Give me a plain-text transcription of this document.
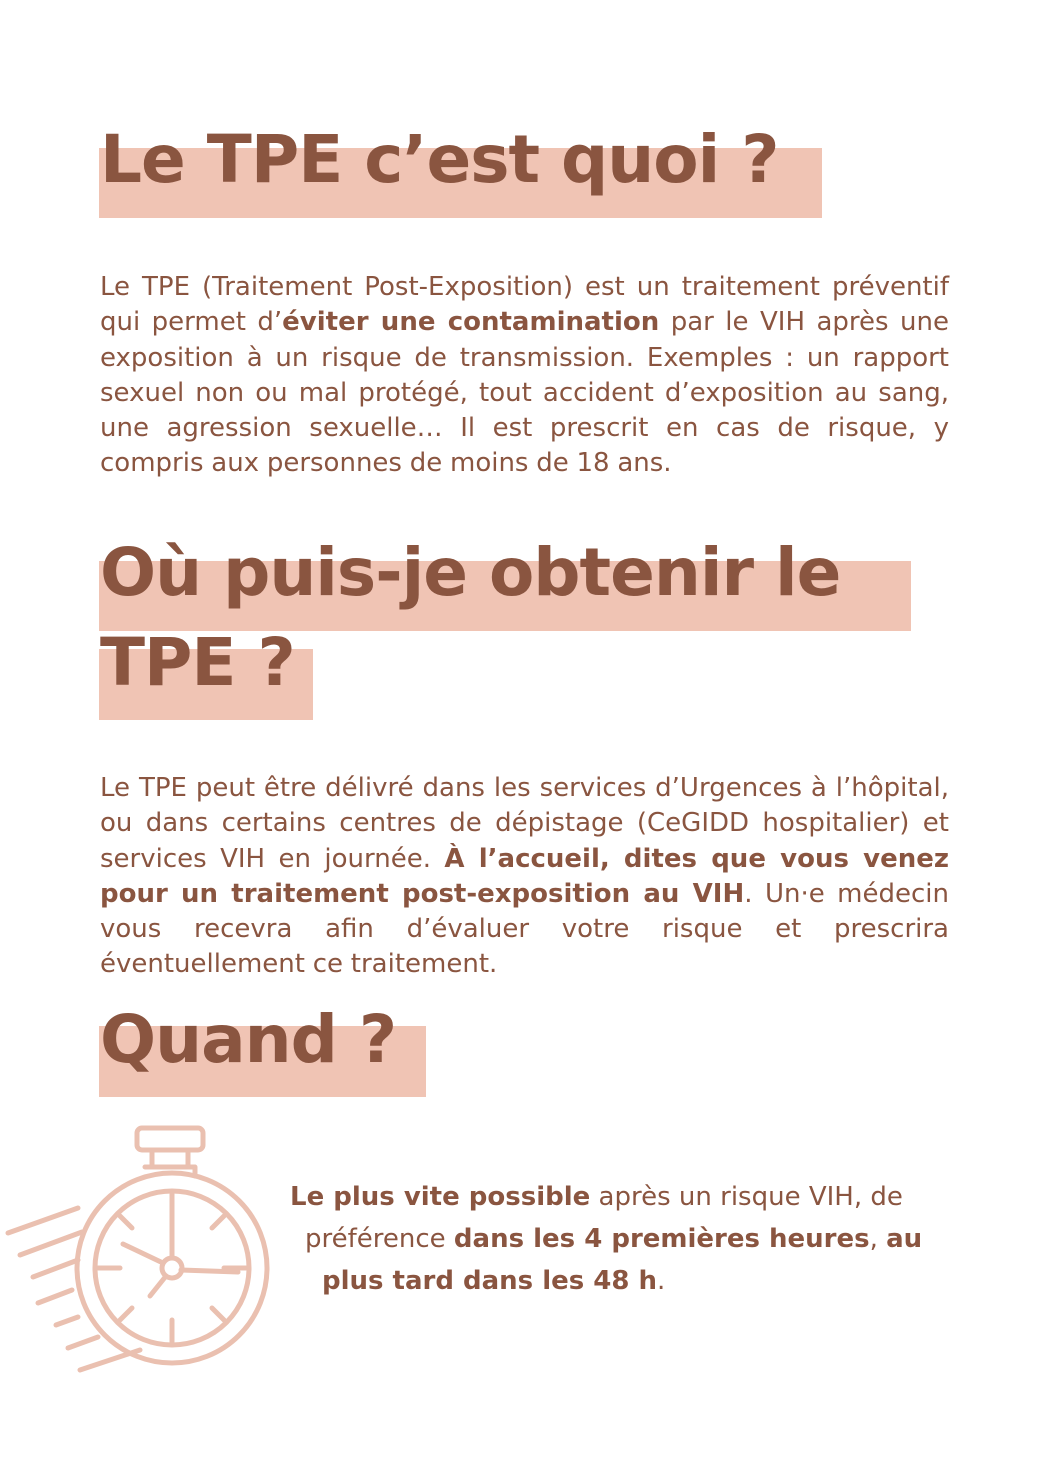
Le TPE c’est quoi ?

Le TPE (Traitement Post-Exposition) est un traitement préventif qui permet d’éviter une contamination par le VIH après une exposition à un risque de transmission. Exemples : un rapport sexuel non ou mal protégé, tout accident d’exposition au sang, une agression sexuelle… Il est prescrit en cas de risque, y compris aux personnes de moins de 18 ans.

Où puis-je obtenir le
TPE ?

Le TPE peut être délivré dans les services d’Urgences à l’hôpital, ou dans certains centres de dépistage (CeGIDD hospitalier) et services VIH en journée. À l’accueil, dites que vous venez pour un traitement post-exposition au VIH. Un·e médecin vous recevra afin d’évaluer votre risque et prescrira éventuellement ce traitement.

Quand ?

Le plus vite possible après un risque VIH, de

préférence dans les 4 premières heures, au

plus tard dans les 48 h.
